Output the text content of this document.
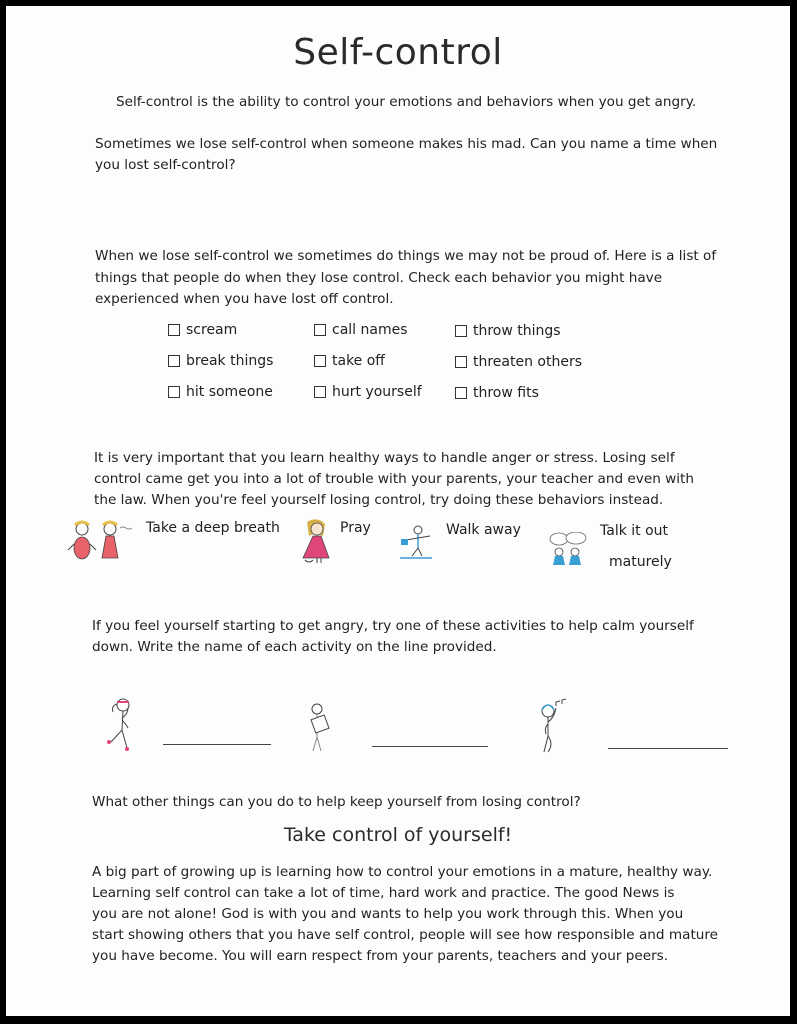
Self-control
Self-control is the ability to control your emotions and behaviors when you get angry.
Sometimes we lose self-control when someone makes his mad. Can you name a time when
you lost self-control?
When we lose self-control we sometimes do things we may not be proud of. Here is a list of
things that people do when they lose control. Check each behavior you might have
experienced when you have lost off control.
scream	call names	throw things
break things	take off	threaten others
hit someone	hurt yourself	throw fits
It is very important that you learn healthy ways to handle anger or stress. Losing self
control came get you into a lot of trouble with your parents, your teacher and even with
the law. When you're feel yourself losing control, try doing these behaviors instead.
Take a deep breath	Pray	Walk away	Talk it out
maturely
If you feel yourself starting to get angry, try one of these activities to help calm yourself
down. Write the name of each activity on the line provided.
What other things can you do to help keep yourself from losing control?
Take control of yourself!
A big part of growing up is learning how to control your emotions in a mature, healthy way.
Learning self control can take a lot of time, hard work and practice. The good News is
you are not alone! God is with you and wants to help you work through this. When you
start showing others that you have self control, people will see how responsible and mature
you have become. You will earn respect from your parents, teachers and your peers.
